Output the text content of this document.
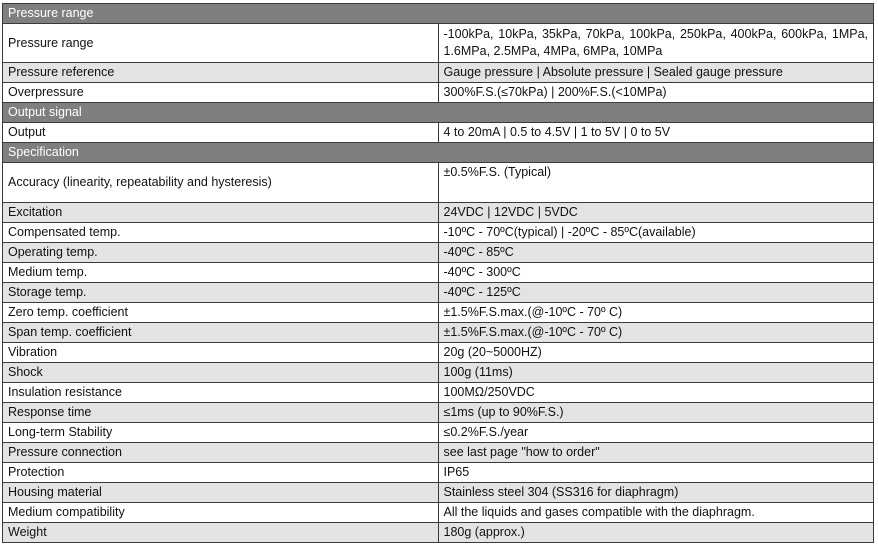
Pressure range	
Pressure range	-100kPa, 10kPa, 35kPa, 70kPa, 100kPa, 250kPa, 400kPa, 600kPa, 1MPa, 1.6MPa, 2.5MPa, 4MPa, 6MPa, 10MPa
Pressure reference	Gauge pressure | Absolute pressure | Sealed gauge pressure
Overpressure	300%F.S.(≤70kPa) | 200%F.S.(<10MPa)
Output signal	
Output	4 to 20mA | 0.5 to 4.5V | 1 to 5V | 0 to 5V
Specification	
Accuracy (linearity, repeatability and hysteresis)	±0.5%F.S. (Typical)
Excitation	24VDC | 12VDC | 5VDC
Compensated temp.	-10ºC - 70ºC(typical) | -20ºC - 85ºC(available)
Operating temp.	-40ºC - 85ºC
Medium temp.	-40ºC - 300ºC
Storage temp.	-40ºC - 125ºC
Zero temp. coefficient	±1.5%F.S.max.(@-10ºC - 70º C)
Span temp. coefficient	±1.5%F.S.max.(@-10ºC - 70º C)
Vibration	20g (20~5000HZ)
Shock	100g (11ms)
Insulation resistance	100MΩ/250VDC
Response time	≤1ms (up to 90%F.S.)
Long-term Stability	≤0.2%F.S./year
Pressure connection	see last page "how to order"
Protection	IP65
Housing material	Stainless steel 304 (SS316 for diaphragm)
Medium compatibility	All the liquids and gases compatible with the diaphragm.
Weight	180g (approx.)
